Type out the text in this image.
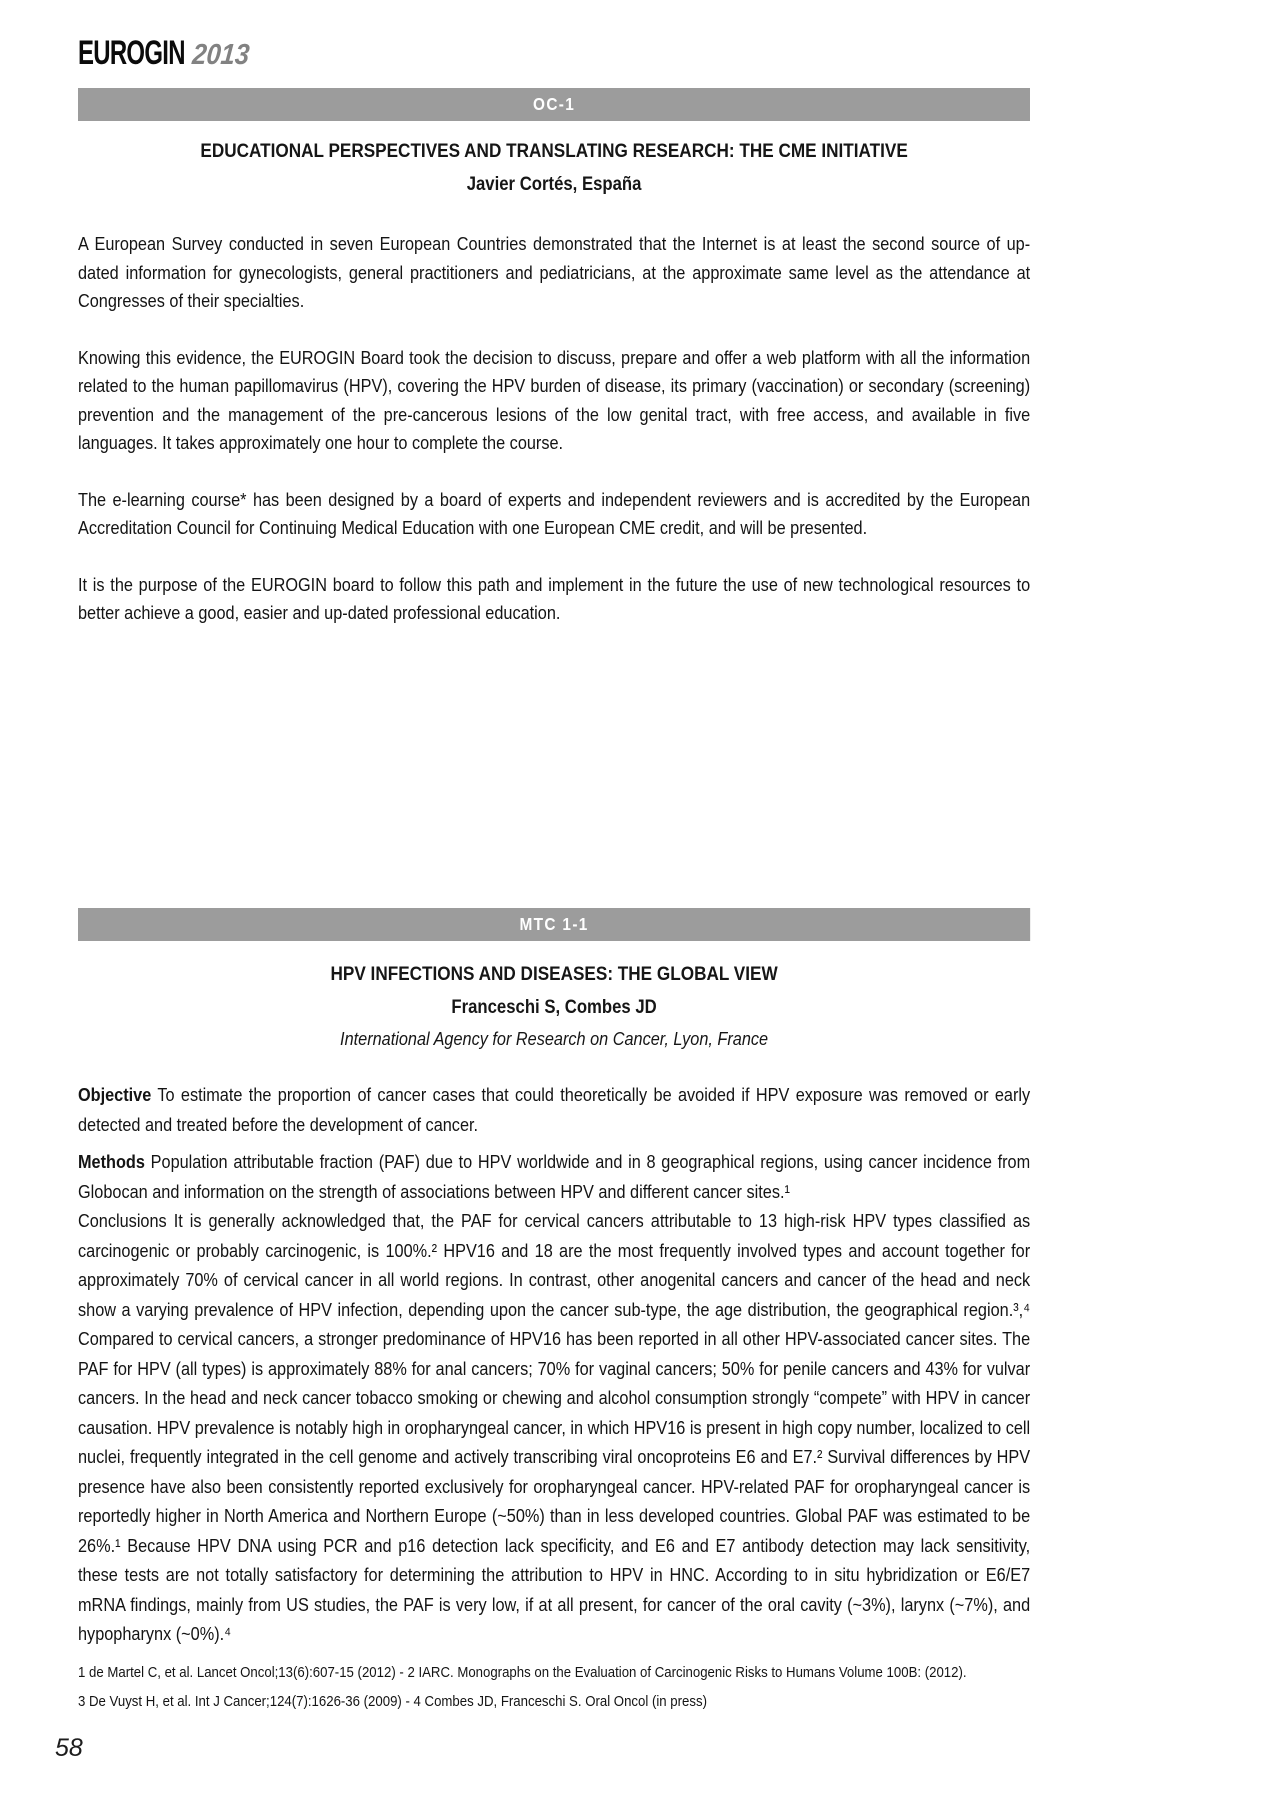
EUROGIN 2013
OC-1
EDUCATIONAL PERSPECTIVES AND TRANSLATING RESEARCH: THE CME INITIATIVE
Javier Cortés, España

A European Survey conducted in seven European Countries demonstrated that the Internet is at least the second source of up-dated information for gynecologists, general practitioners and pediatricians, at the approximate same level as the attendance at Congresses of their specialties.

Knowing this evidence, the EUROGIN Board took the decision to discuss, prepare and offer a web platform with all the information related to the human papillomavirus (HPV), covering the HPV burden of disease, its primary (vaccination) or secondary (screening) prevention and the management of the pre-cancerous lesions of the low genital tract, with free access, and available in five languages. It takes approximately one hour to complete the course.

The e-learning course* has been designed by a board of experts and independent reviewers and is accredited by the European Accreditation Council for Continuing Medical Education with one European CME credit, and will be presented.

It is the purpose of the EUROGIN board to follow this path and implement in the future the use of new technological resources to better achieve a good, easier and up-dated professional education.

MTC 1-1
HPV INFECTIONS AND DISEASES: THE GLOBAL VIEW
Franceschi S, Combes JD
International Agency for Research on Cancer, Lyon, France

Objective To estimate the proportion of cancer cases that could theoretically be avoided if HPV exposure was removed or early detected and treated before the development of cancer.

Methods Population attributable fraction (PAF) due to HPV worldwide and in 8 geographical regions, using cancer incidence from Globocan and information on the strength of associations between HPV and different cancer sites.¹

Conclusions It is generally acknowledged that, the PAF for cervical cancers attributable to 13 high-risk HPV types classified as carcinogenic or probably carcinogenic, is 100%.² HPV16 and 18 are the most frequently involved types and account together for approximately 70% of cervical cancer in all world regions. In contrast, other anogenital cancers and cancer of the head and neck show a varying prevalence of HPV infection, depending upon the cancer sub-type, the age distribution, the geographical region.³,⁴ Compared to cervical cancers, a stronger predominance of HPV16 has been reported in all other HPV-associated cancer sites. The PAF for HPV (all types) is approximately 88% for anal cancers; 70% for vaginal cancers; 50% for penile cancers and 43% for vulvar cancers. In the head and neck cancer tobacco smoking or chewing and alcohol consumption strongly “compete” with HPV in cancer causation. HPV prevalence is notably high in oropharyngeal cancer, in which HPV16 is present in high copy number, localized to cell nuclei, frequently integrated in the cell genome and actively transcribing viral oncoproteins E6 and E7.² Survival differences by HPV presence have also been consistently reported exclusively for oropharyngeal cancer. HPV-related PAF for oropharyngeal cancer is reportedly higher in North America and Northern Europe (~50%) than in less developed countries. Global PAF was estimated to be 26%.¹ Because HPV DNA using PCR and p16 detection lack specificity, and E6 and E7 antibody detection may lack sensitivity, these tests are not totally satisfactory for determining the attribution to HPV in HNC. According to in situ hybridization or E6/E7 mRNA findings, mainly from US studies, the PAF is very low, if at all present, for cancer of the oral cavity (~3%), larynx (~7%), and hypopharynx (~0%).⁴

1 de Martel C, et al. Lancet Oncol;13(6):607-15 (2012) - 2 IARC. Monographs on the Evaluation of Carcinogenic Risks to Humans Volume 100B: (2012).
3 De Vuyst H, et al. Int J Cancer;124(7):1626-36 (2009) - 4 Combes JD, Franceschi S. Oral Oncol (in press)
58
